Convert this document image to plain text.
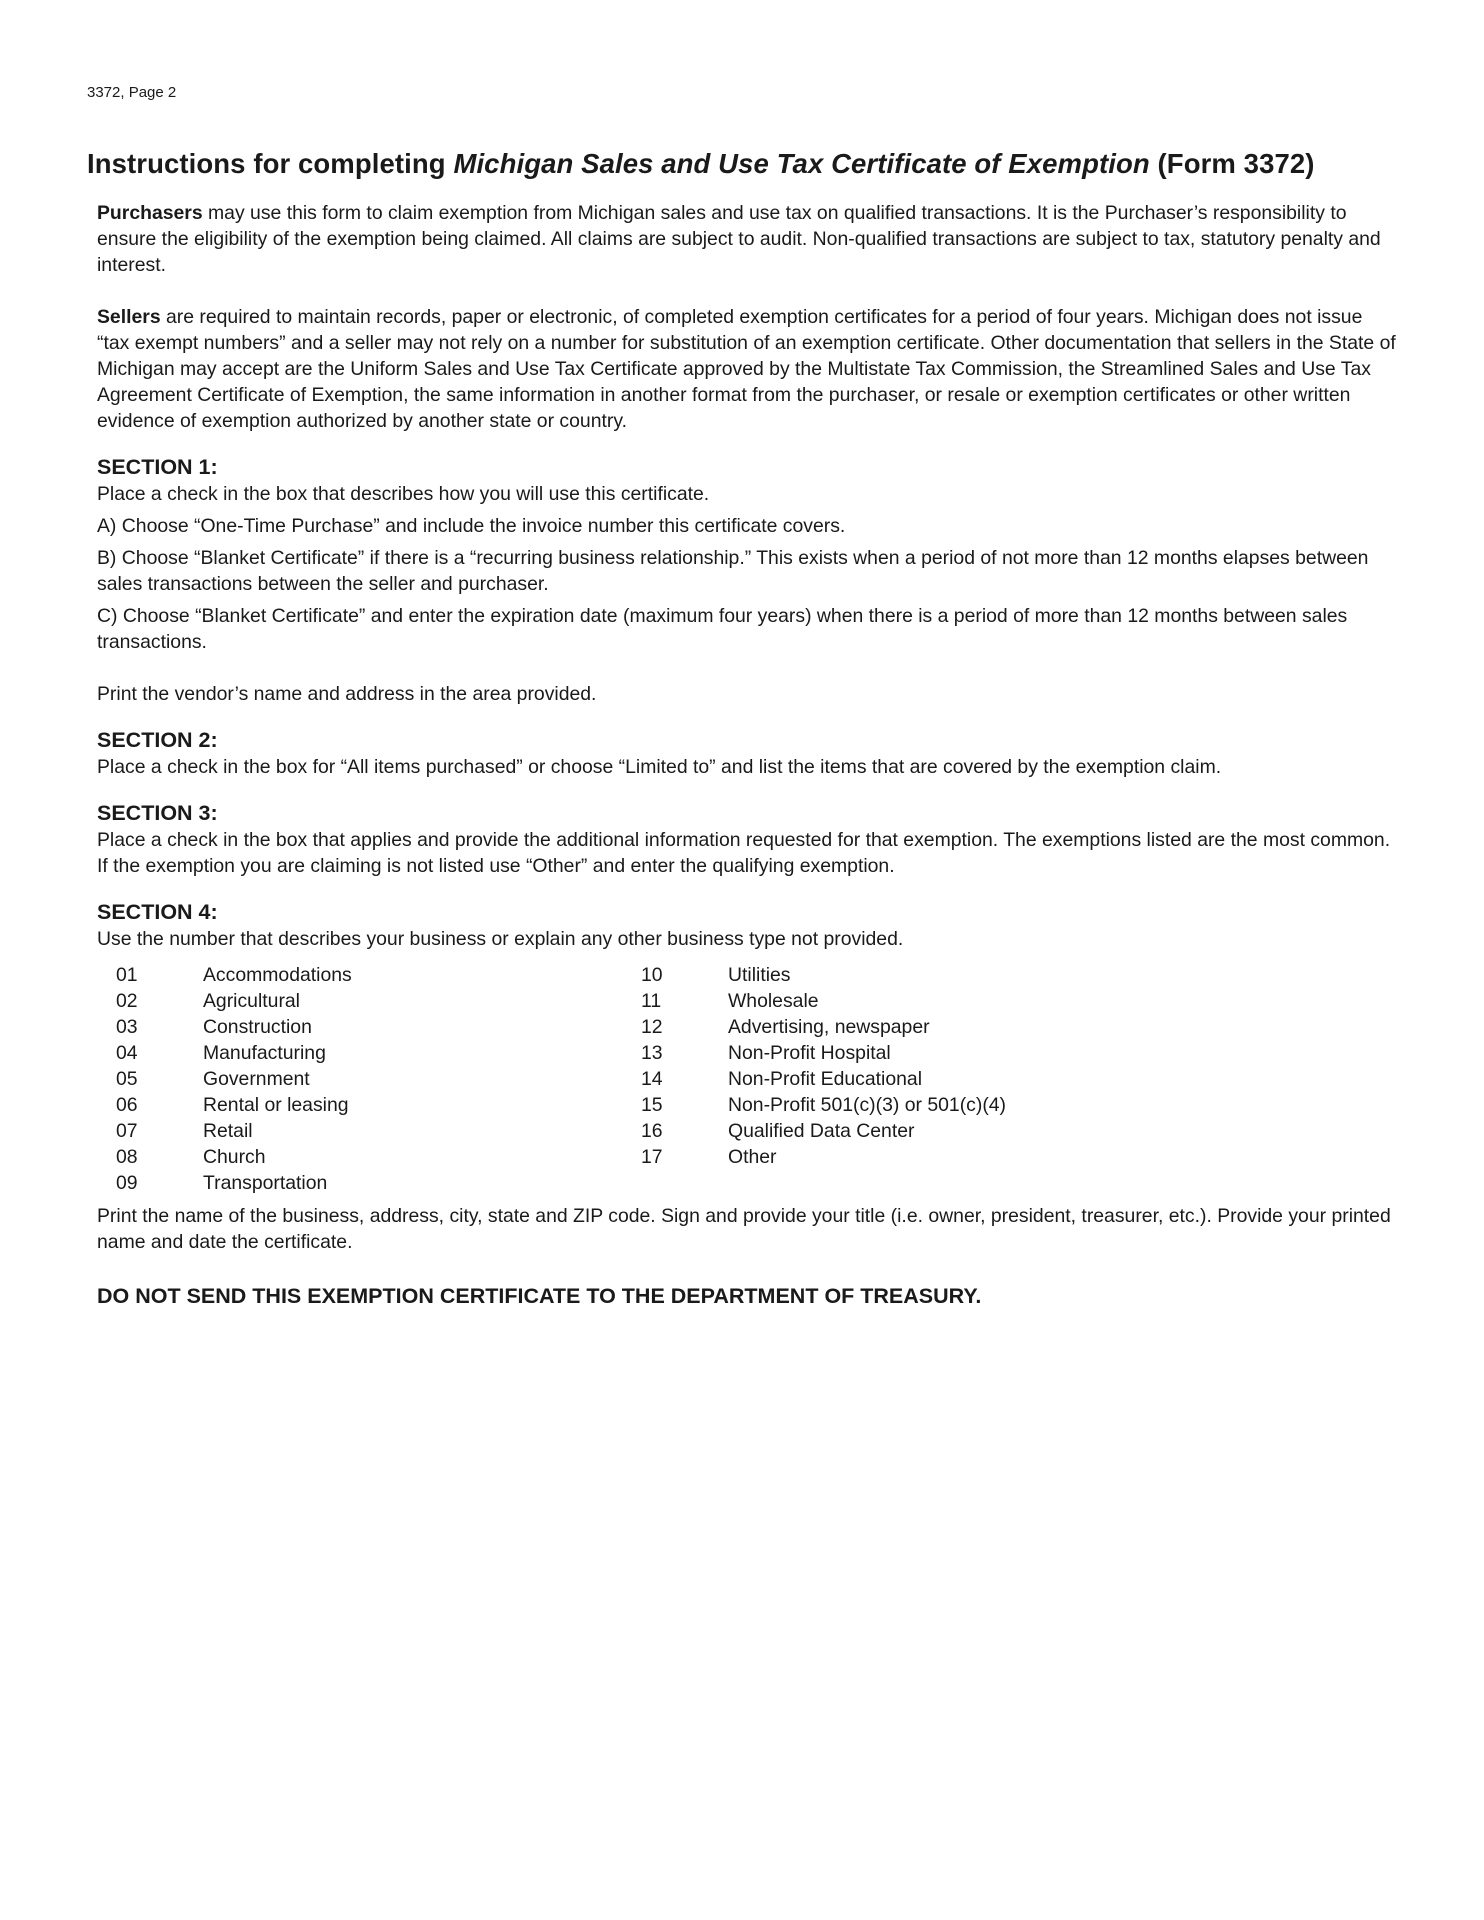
3372, Page 2
Instructions for completing Michigan Sales and Use Tax Certificate of Exemption (Form 3372)

Purchasers may use this form to claim exemption from Michigan sales and use tax on qualified transactions. It is the Purchaser’s responsibility to ensure the eligibility of the exemption being claimed. All claims are subject to audit. Non-qualified transactions are subject to tax, statutory penalty and interest.

Sellers are required to maintain records, paper or electronic, of completed exemption certificates for a period of four years. Michigan does not issue “tax exempt numbers” and a seller may not rely on a number for substitution of an exemption certificate. Other documentation that sellers in the State of Michigan may accept are the Uniform Sales and Use Tax Certificate approved by the Multistate Tax Commission, the Streamlined Sales and Use Tax Agreement Certificate of Exemption, the same information in another format from the purchaser, or resale or exemption certificates or other written evidence of exemption authorized by another state or country.

SECTION 1:

Place a check in the box that describes how you will use this certificate.

A) Choose “One-Time Purchase” and include the invoice number this certificate covers.

B) Choose “Blanket Certificate” if there is a “recurring business relationship.” This exists when a period of not more than 12 months elapses between sales transactions between the seller and purchaser.

C) Choose “Blanket Certificate” and enter the expiration date (maximum four years) when there is a period of more than 12 months between sales transactions.

Print the vendor’s name and address in the area provided.

SECTION 2:

Place a check in the box for “All items purchased” or choose “Limited to” and list the items that are covered by the exemption claim.

SECTION 3:

Place a check in the box that applies and provide the additional information requested for that exemption. The exemptions listed are the most common. If the exemption you are claiming is not listed use “Other” and enter the qualifying exemption.

SECTION 4:

Use the number that describes your business or explain any other business type not provided.

01	Accommodations
02	Agricultural
03	Construction
04	Manufacturing
05	Government
06	Rental or leasing
07	Retail
08	Church
09	Transportation
10	Utilities
11	Wholesale
12	Advertising, newspaper
13	Non-Profit Hospital
14	Non-Profit Educational
15	Non-Profit 501(c)(3) or 501(c)(4)
16	Qualified Data Center
17	Other

Print the name of the business, address, city, state and ZIP code. Sign and provide your title (i.e. owner, president, treasurer, etc.). Provide your printed name and date the certificate.

DO NOT SEND THIS EXEMPTION CERTIFICATE TO THE DEPARTMENT OF TREASURY.
